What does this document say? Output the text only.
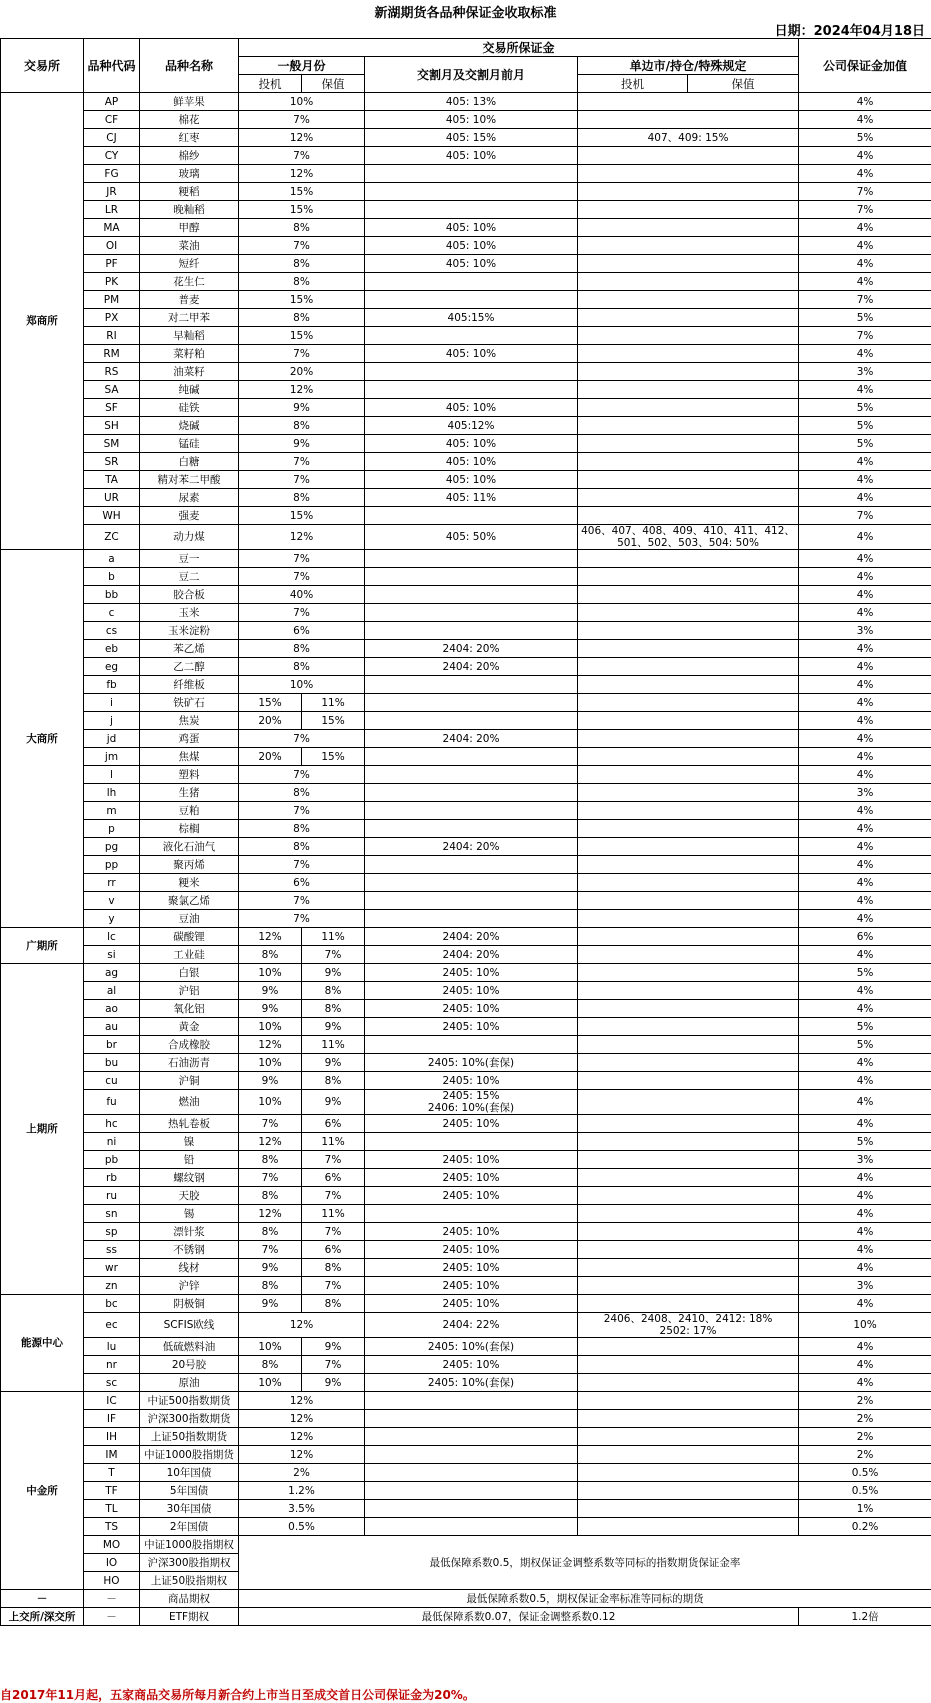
新湖期货各品种保证金收取标准
日期：2024年04月18日
交易所	品种代码	品种名称	交易所保证金					公司保证金加值
			一般月份		交割月及交割月前月	单边市/持仓/特殊规定		
			投机	保值		投机	保值	
郑商所	AP	鲜苹果	10%		405: 13%			4%
	CF	棉花	7%		405: 10%			4%
	CJ	红枣	12%		405: 15%	407、409: 15%		5%
	CY	棉纱	7%		405: 10%			4%
	FG	玻璃	12%					4%
	JR	粳稻	15%					7%
	LR	晚籼稻	15%					7%
	MA	甲醇	8%		405: 10%			4%
	OI	菜油	7%		405: 10%			4%
	PF	短纤	8%		405: 10%			4%
	PK	花生仁	8%					4%
	PM	普麦	15%					7%
	PX	对二甲苯	8%		405:15%			5%
	RI	早籼稻	15%					7%
	RM	菜籽粕	7%		405: 10%			4%
	RS	油菜籽	20%					3%
	SA	纯碱	12%					4%
	SF	硅铁	9%		405: 10%			5%
	SH	烧碱	8%		405:12%			5%
	SM	锰硅	9%		405: 10%			5%
	SR	白糖	7%		405: 10%			4%
	TA	精对苯二甲酸	7%		405: 10%			4%
	UR	尿素	8%		405: 11%			4%
	WH	强麦	15%					7%
	ZC	动力煤	12%		405: 50%	406、407、408、409、410、411、412、501、502、503、504: 50%		4%
大商所	a	豆一	7%					4%
	b	豆二	7%					4%
	bb	胶合板	40%					4%
	c	玉米	7%					4%
	cs	玉米淀粉	6%					3%
	eb	苯乙烯	8%		2404: 20%			4%
	eg	乙二醇	8%		2404: 20%			4%
	fb	纤维板	10%					4%
	i	铁矿石	15%	11%				4%
	j	焦炭	20%	15%				4%
	jd	鸡蛋	7%		2404: 20%			4%
	jm	焦煤	20%	15%				4%
	l	塑料	7%					4%
	lh	生猪	8%					3%
	m	豆粕	7%					4%
	p	棕榈	8%					4%
	pg	液化石油气	8%		2404: 20%			4%
	pp	聚丙烯	7%					4%
	rr	粳米	6%					4%
	v	聚氯乙烯	7%					4%
	y	豆油	7%					4%
广期所	lc	碳酸锂	12%	11%	2404: 20%			6%
	si	工业硅	8%	7%	2404: 20%			4%
上期所	ag	白银	10%	9%	2405: 10%			5%
	al	沪铝	9%	8%	2405: 10%			4%
	ao	氧化铝	9%	8%	2405: 10%			4%
	au	黄金	10%	9%	2405: 10%			5%
	br	合成橡胶	12%	11%				5%
	bu	石油沥青	10%	9%	2405: 10%(套保)			4%
	cu	沪铜	9%	8%	2405: 10%			4%
	fu	燃油	10%	9%	2405: 15%
2406: 10%(套保)			4%
	hc	热轧卷板	7%	6%	2405: 10%			4%
	ni	镍	12%	11%				5%
	pb	铅	8%	7%	2405: 10%			3%
	rb	螺纹钢	7%	6%	2405: 10%			4%
	ru	天胶	8%	7%	2405: 10%			4%
	sn	锡	12%	11%				4%
	sp	漂针浆	8%	7%	2405: 10%			4%
	ss	不锈钢	7%	6%	2405: 10%			4%
	wr	线材	9%	8%	2405: 10%			4%
	zn	沪锌	8%	7%	2405: 10%			3%
能源中心	bc	阴极铜	9%	8%	2405: 10%			4%
	ec	SCFIS欧线	12%		2404: 22%	2406、2408、2410、2412: 18%
2502: 17%		10%
	lu	低硫燃料油	10%	9%	2405: 10%(套保)			4%
	nr	20号胶	8%	7%	2405: 10%			4%
	sc	原油	10%	9%	2405: 10%(套保)			4%
中金所	IC	中证500指数期货	12%					2%
	IF	沪深300指数期货	12%					2%
	IH	上证50指数期货	12%					2%
	IM	中证1000股指期货	12%					2%
	T	10年国债	2%					0.5%
	TF	5年国债	1.2%					0.5%
	TL	30年国债	3.5%					1%
	TS	2年国债	0.5%					0.2%
	MO	中证1000股指期权	最低保障系数0.5，期权保证金调整系数等同标的指数期货保证金率					
	IO	沪深300股指期权						
	HO	上证50股指期权						
－	－	商品期权	最低保障系数0.5，期权保证金率标准等同标的期货					
上交所/深交所	－	ETF期权	最低保障系数0.07，保证金调整系数0.12					1.2倍
自2017年11月起，五家商品交易所每月新合约上市当日至成交首日公司保证金为20%。
